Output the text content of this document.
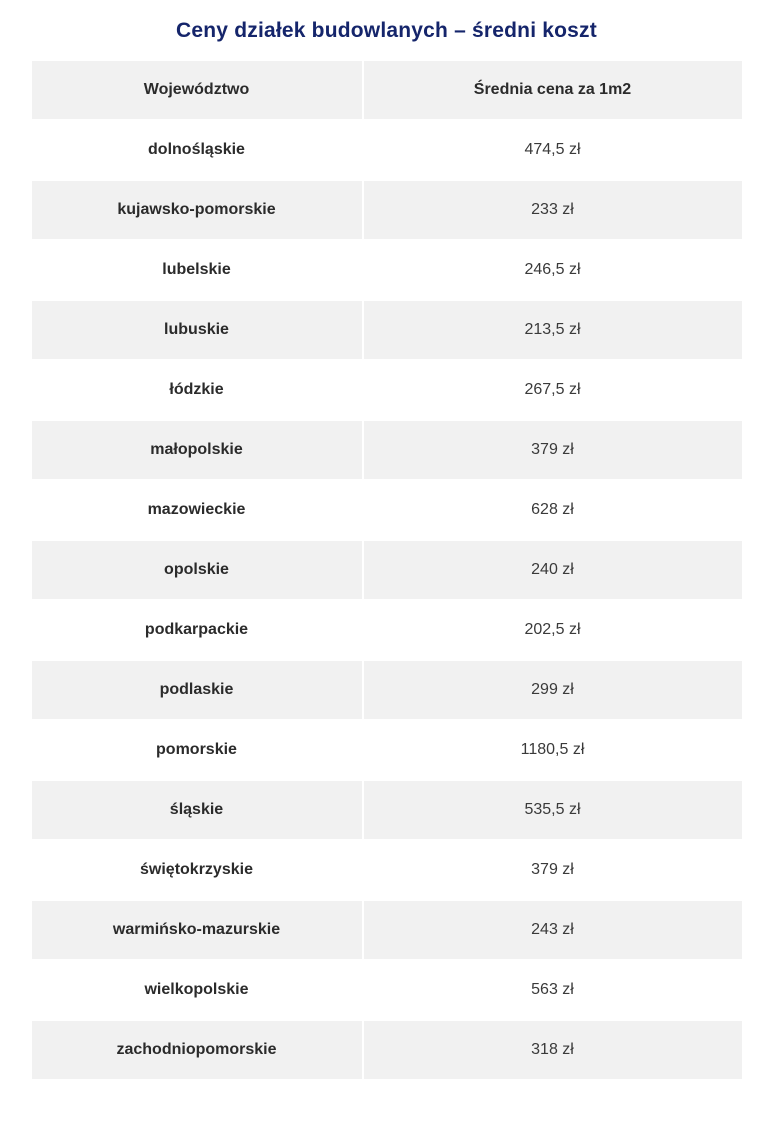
Ceny działek budowlanych – średni koszt
Województwo	Średnia cena za 1m2
dolnośląskie	474,5 zł
kujawsko-pomorskie	233 zł
lubelskie	246,5 zł
lubuskie	213,5 zł
łódzkie	267,5 zł
małopolskie	379 zł
mazowieckie	628 zł
opolskie	240 zł
podkarpackie	202,5 zł
podlaskie	299 zł
pomorskie	1180,5 zł
śląskie	535,5 zł
świętokrzyskie	379 zł
warmińsko-mazurskie	243 zł
wielkopolskie	563 zł
zachodniopomorskie	318 zł
